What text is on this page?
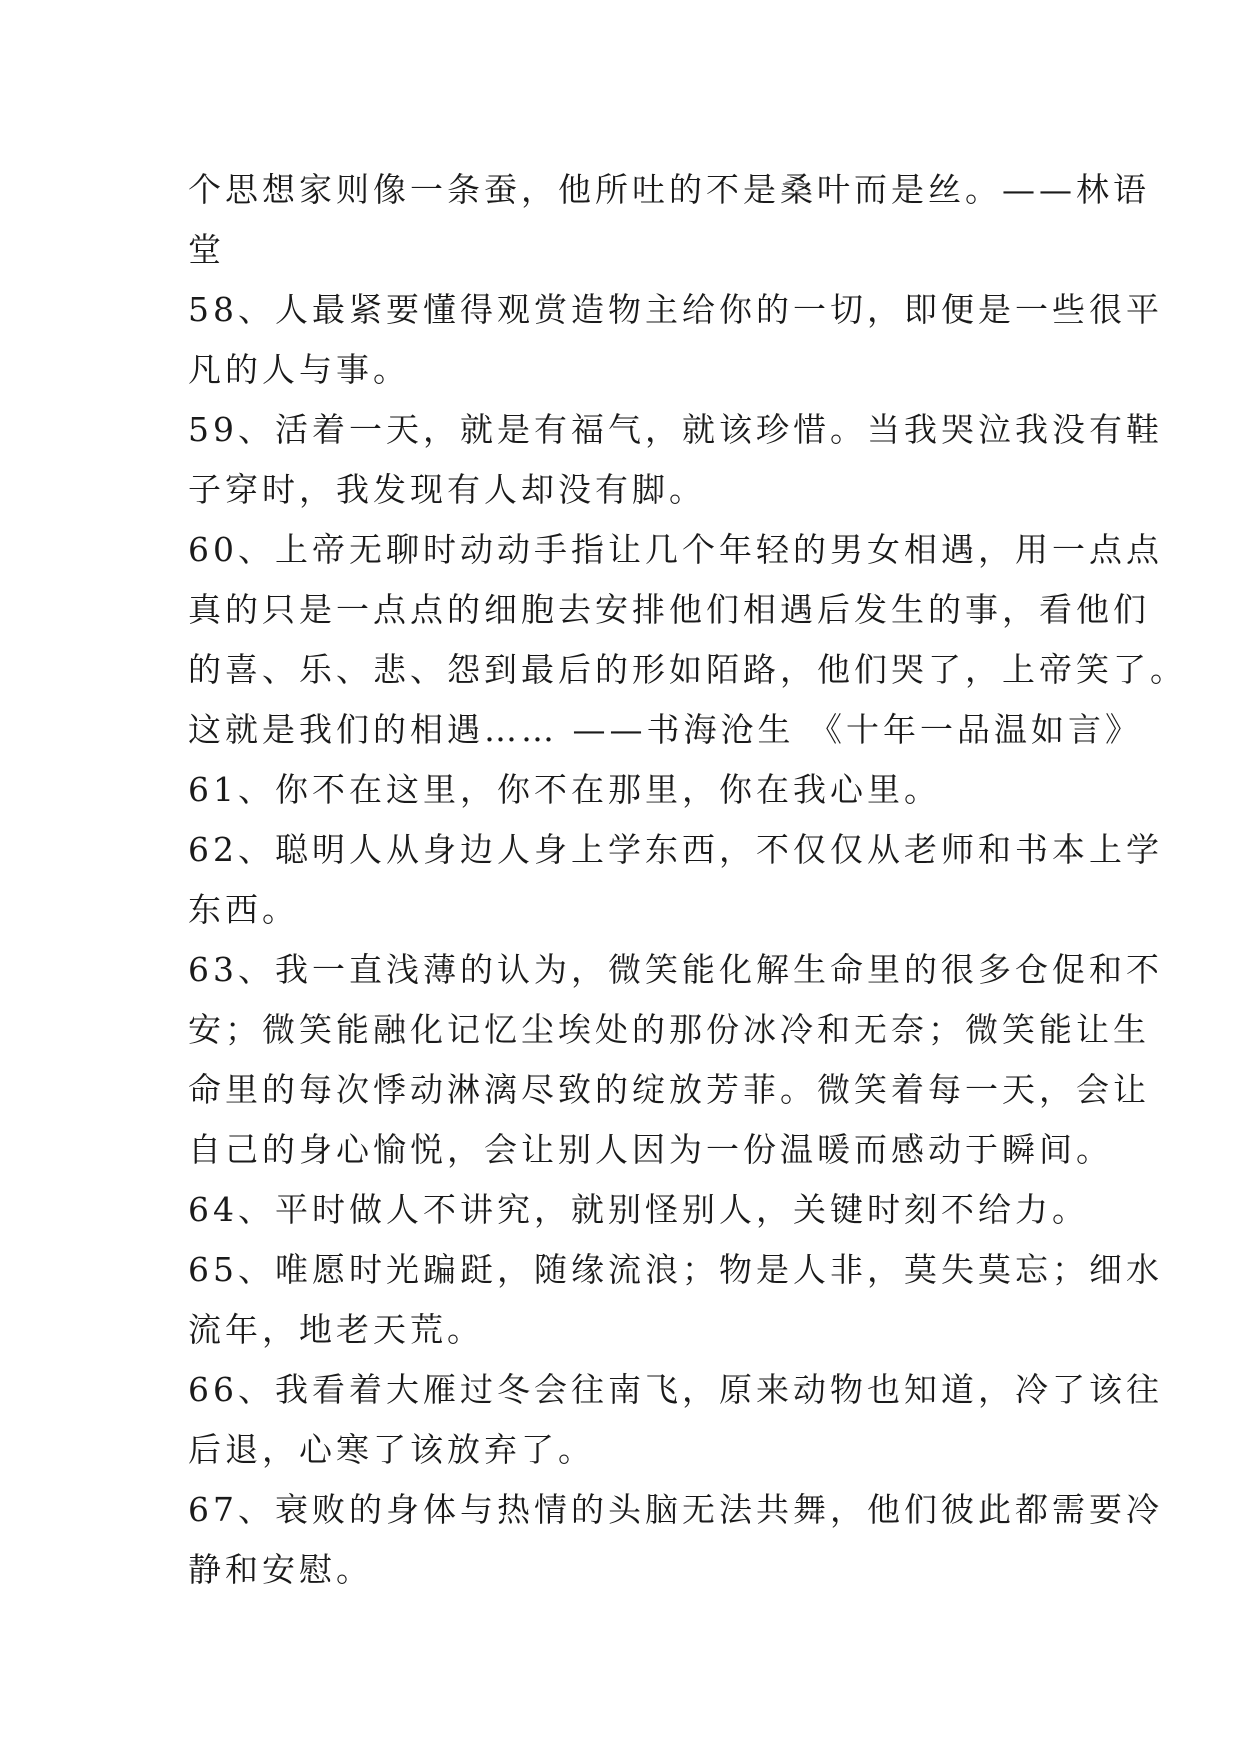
个思想家则像一条蚕，他所吐的不是桑叶而是丝。——林语
堂

58、人最紧要懂得观赏造物主给你的一切，即便是一些很平
凡的人与事。

59、活着一天，就是有福气，就该珍惜。当我哭泣我没有鞋
子穿时，我发现有人却没有脚。

60、上帝无聊时动动手指让几个年轻的男女相遇，用一点点
真的只是一点点的细胞去安排他们相遇后发生的事，看他们
的喜、乐、悲、怨到最后的形如陌路，他们哭了，上帝笑了。
这就是我们的相遇…… ——书海沧生 《十年一品温如言》

61、你不在这里，你不在那里，你在我心里。

62、聪明人从身边人身上学东西，不仅仅从老师和书本上学
东西。

63、我一直浅薄的认为，微笑能化解生命里的很多仓促和不
安；微笑能融化记忆尘埃处的那份冰冷和无奈；微笑能让生
命里的每次悸动淋漓尽致的绽放芳菲。微笑着每一天，会让
自己的身心愉悦，会让别人因为一份温暖而感动于瞬间。

64、平时做人不讲究，就别怪别人，关键时刻不给力。

65、唯愿时光蹁跹，随缘流浪；物是人非，莫失莫忘；细水
流年，地老天荒。

66、我看着大雁过冬会往南飞，原来动物也知道，冷了该往
后退，心寒了该放弃了。

67、衰败的身体与热情的头脑无法共舞，他们彼此都需要冷
静和安慰。
